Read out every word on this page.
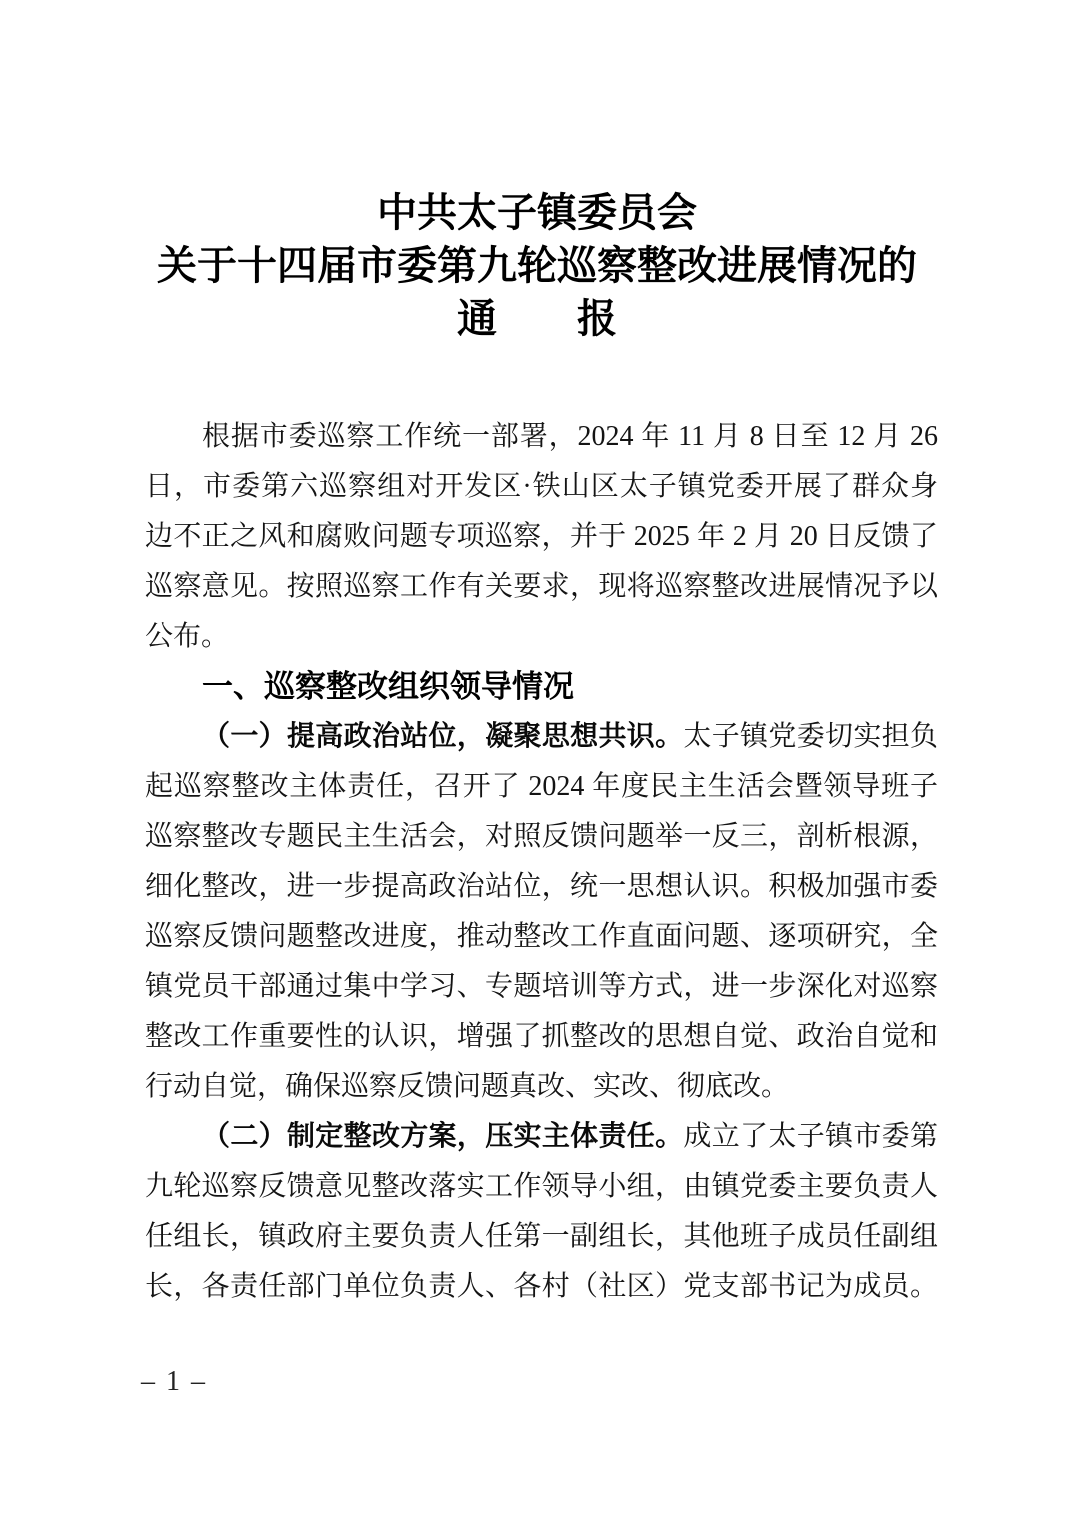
中共太子镇委员会
关于十四届市委第九轮巡察整改进展情况的
通　　报
根据市委巡察工作统一部署，2024 年 11 月 8 日至 12 月 26
日，市委第六巡察组对开发区·铁山区太子镇党委开展了群众身
边不正之风和腐败问题专项巡察，并于 2025 年 2 月 20 日反馈了
巡察意见。按照巡察工作有关要求，现将巡察整改进展情况予以
公布。
一、巡察整改组织领导情况
（一）提高政治站位，凝聚思想共识。太子镇党委切实担负
起巡察整改主体责任，召开了 2024 年度民主生活会暨领导班子
巡察整改专题民主生活会，对照反馈问题举一反三，剖析根源，
细化整改，进一步提高政治站位，统一思想认识。积极加强市委
巡察反馈问题整改进度，推动整改工作直面问题、逐项研究，全
镇党员干部通过集中学习、专题培训等方式，进一步深化对巡察
整改工作重要性的认识，增强了抓整改的思想自觉、政治自觉和
行动自觉，确保巡察反馈问题真改、实改、彻底改。
（二）制定整改方案，压实主体责任。成立了太子镇市委第
九轮巡察反馈意见整改落实工作领导小组，由镇党委主要负责人
任组长，镇政府主要负责人任第一副组长，其他班子成员任副组
长，各责任部门单位负责人、各村（社区）党支部书记为成员。
– 1 –
